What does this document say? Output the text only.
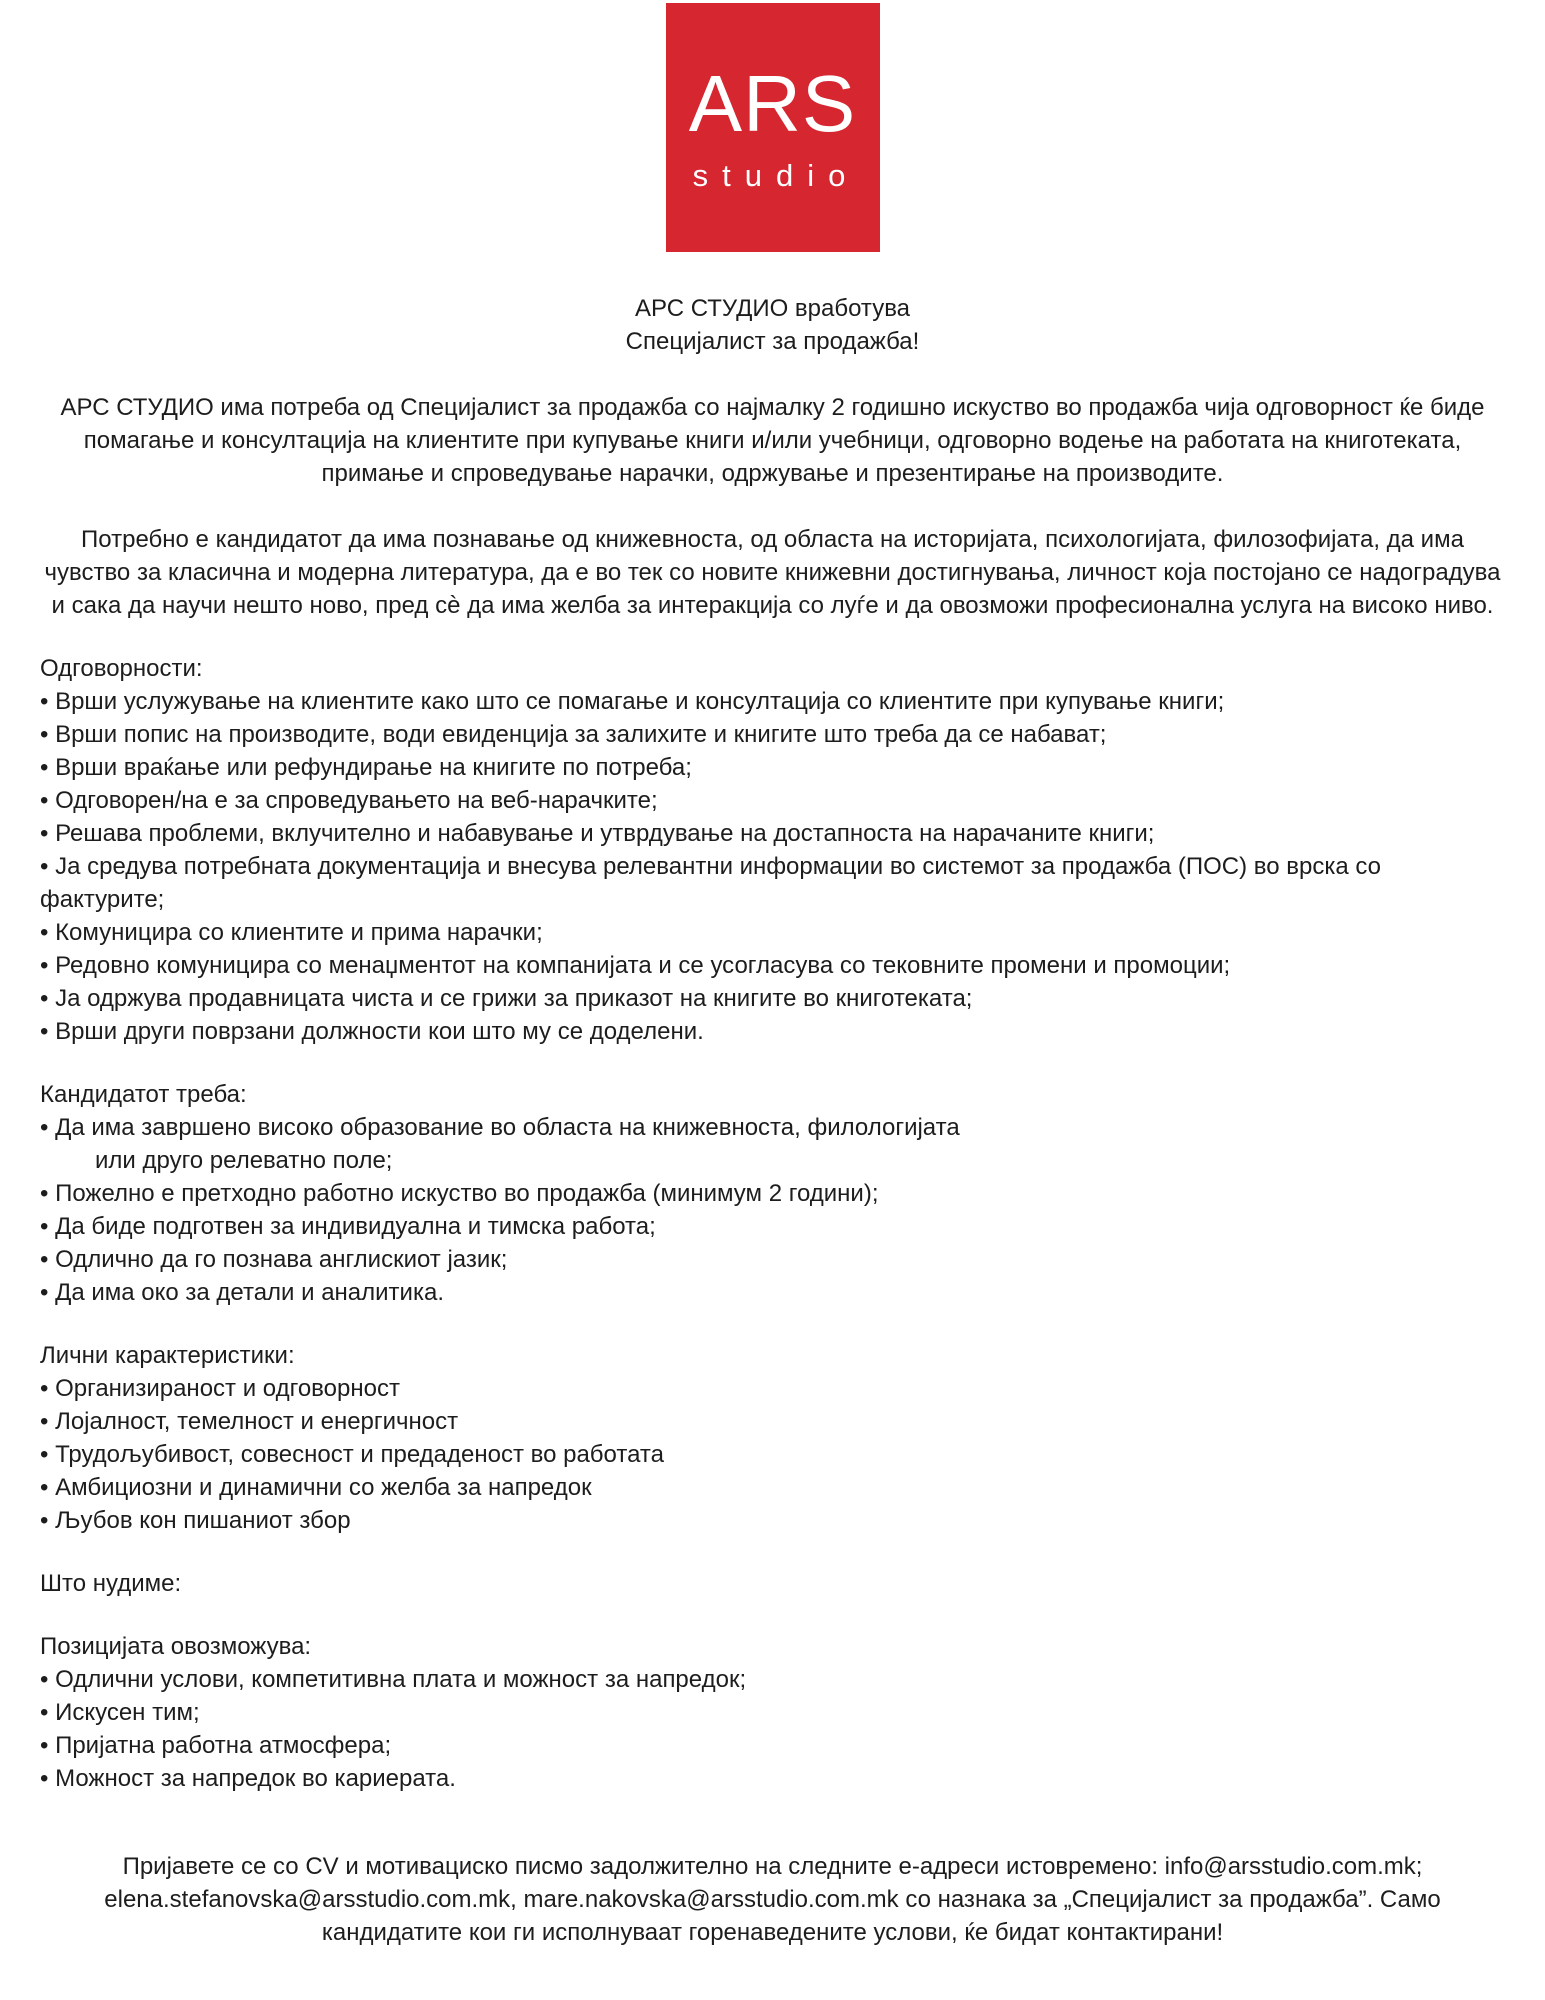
ARS
studio
АРС СТУДИО вработува
Специјалист за продажба!

АРС СТУДИО има потреба од Специјалист за продажба со најмалку 2 годишно искуство во продажба чија одговорност ќе биде помагање и консултација на клиентите при купување книги и/или учебници, одговорно водење на работата на книготеката, примање и спроведување нарачки, одржување и презентирање на производите.

Потребно е кандидатот да има познавање од книжевноста, од областа на историјата, психологијата, филозофијата, да има чувство за класична и модерна литература, да е во тек со новите книжевни достигнувања, личност која постојано се надоградува и сака да научи нешто ново, пред сѐ да има желба за интеракција со луѓе и да овозможи професионална услуга на високо ниво.

Одговорности:
• Врши услужување на клиентите како што се помагање и консултација со клиентите при купување книги;
• Врши попис на производите, води евиденција за залихите и книгите што треба да се набават;
• Врши враќање или рефундирање на книгите по потреба;
• Одговорен/на е за спроведувањето на веб-нарачките;
• Решава проблеми, вклучително и набавување и утврдување на достапноста на нарачаните книги;
• Ја средува потребната документација и внесува релевантни информации во системот за продажба (ПОС) во врска со фактурите;
• Комуницира со клиентите и прима нарачки;
• Редовно комуницира со менаџментот на компанијата и се усогласува со тековните промени и промоции;
• Ја одржува продавницата чиста и се грижи за приказот на книгите во книготеката;
• Врши други поврзани должности кои што му се доделени.
Кандидатот треба:
• Да има завршено високо образование во областа на книжевноста, филологијата
или друго релеватно поле;
• Пожелно е претходно работно искуство во продажба (минимум 2 години);
• Да биде подготвен за индивидуална и тимска работа;
• Одлично да го познава англискиот јазик;
• Да има око за детали и аналитика.
Лични карактеристики:
• Организираност и одговорност
• Лојалност, темелност и енергичност
• Трудољубивост, совесност и предаденост во работата
• Амбициозни и динамични со желба за напредок
• Љубов кон пишаниот збор
Што нудиме:
Позицијата овозможува:
• Одлични услови, компетитивна плата и можност за напредок;
• Искусен тим;
• Пријатна работна атмосфера;
• Можност за напредок во кариерата.
Пријавете се со CV и мотивациско писмо задолжително на следните е-адреси истовремено: info@arsstudio.com.mk; elena.stefanovska@arsstudio.com.mk, mare.nakovska@arsstudio.com.mk со назнака за „Специјалист за продажба”. Само кандидатите кои ги исполнуваат горенаведените услови, ќе бидат контактирани!
